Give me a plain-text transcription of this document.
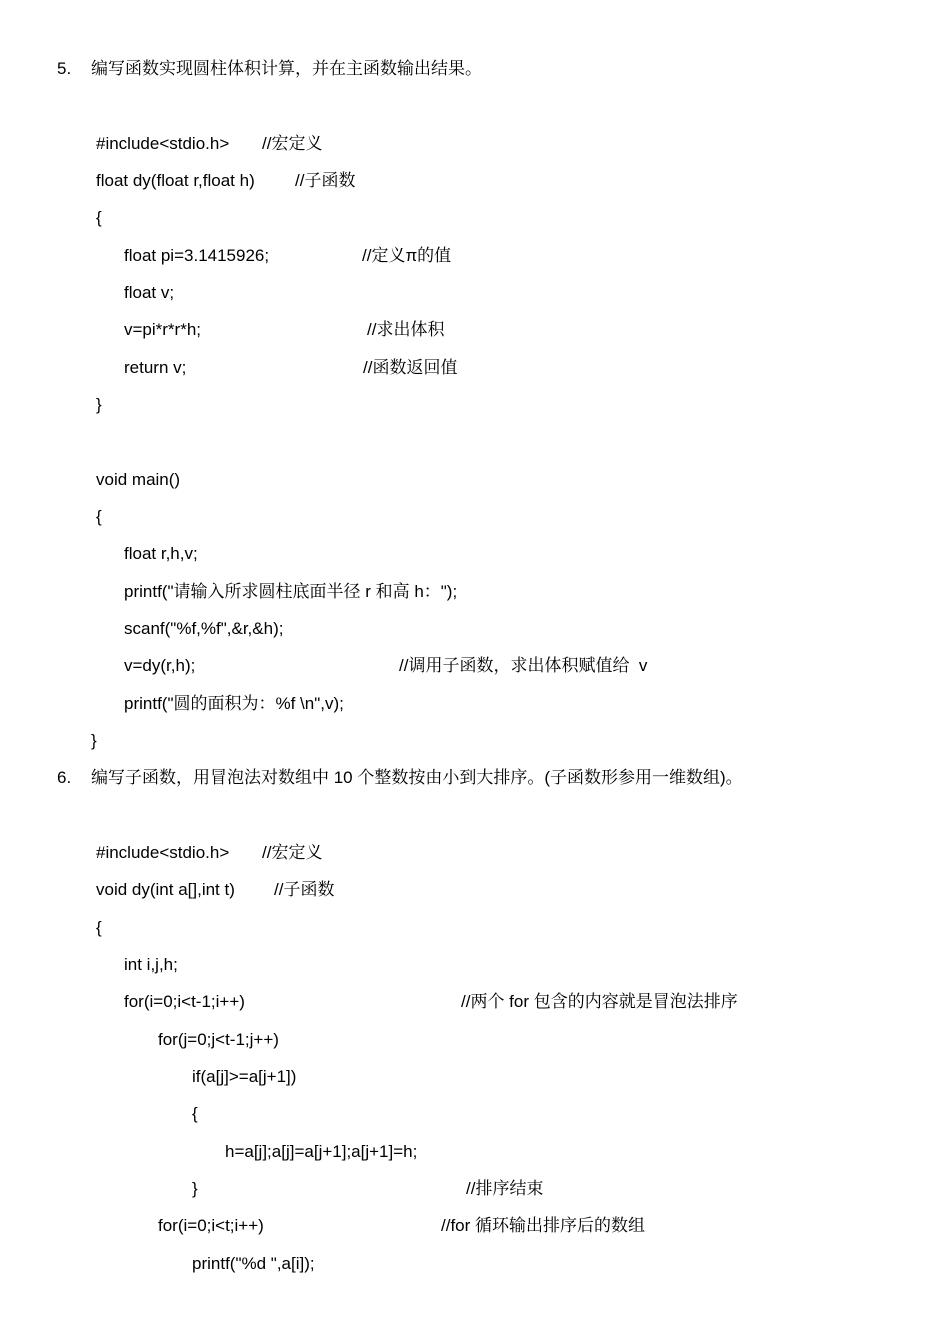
5. 编写函数实现圆柱体积计算，并在主函数输出结果。
#include<stdio.h> //宏定义
float dy(float r,float h) //子函数
{
float pi=3.1415926;	//定义π的值
float v;
v=pi*r*r*h;	//求出体积
return v;	//函数返回值
}
void main()
{
float r,h,v;
printf("请输入所求圆柱底面半径 r 和高 h：");
scanf("%f,%f",&r,&h);
v=dy(r,h);	//调用子函数，求出体积赋值给  v
printf("圆的面积为：%f \n",v);
}
6. 编写子函数，用冒泡法对数组中 10 个整数按由小到大排序。(子函数形参用一维数组)。
#include<stdio.h> //宏定义
void dy(int a[],int t) //子函数
{
int i,j,h;
for(i=0;i<t-1;i++)	//两个 for 包含的内容就是冒泡法排序
for(j=0;j<t-1;j++)
if(a[j]>=a[j+1])
{
h=a[j];a[j]=a[j+1];a[j+1]=h;
}	//排序结束
for(i=0;i<t;i++)	//for 循环输出排序后的数组
printf("%d ",a[i]);
